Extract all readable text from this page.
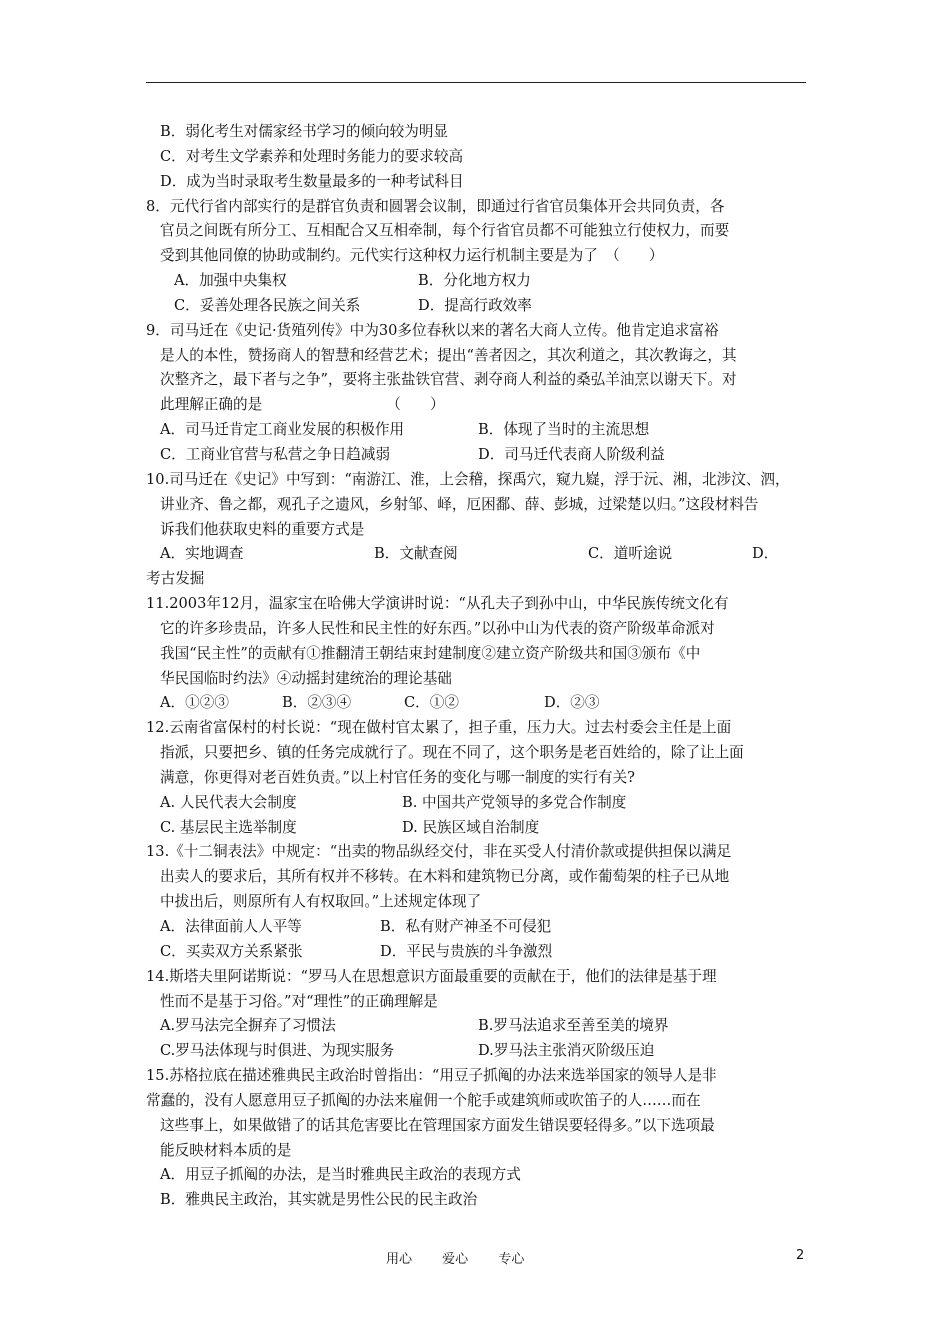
B．弱化考生对儒家经书学习的倾向较为明显
C．对考生文学素养和处理时务能力的要求较高
D．成为当时录取考生数量最多的一种考试科目
8．元代行省内部实行的是群官负责和圆署会议制，即通过行省官员集体开会共同负责，各
官员之间既有所分工、互相配合又互相牵制，每个行省官员都不可能独立行使权力，而要
受到其他同僚的协助或制约。元代实行这种权力运行机制主要是为了　（　　）
A．加强中央集权	B．分化地方权力
C．妥善处理各民族之间关系	D．提高行政效率
9．司马迁在《史记·货殖列传》中为30多位春秋以来的著名大商人立传。他肯定追求富裕
是人的本性，赞扬商人的智慧和经营艺术；提出“善者因之，其次利道之，其次教诲之，其
次整齐之，最下者与之争”，要将主张盐铁官营、剥夺商人利益的桑弘羊油烹以谢天下。对
此理解正确的是　　　　　　　　　（　　）
A．司马迁肯定工商业发展的积极作用	B．体现了当时的主流思想
C．工商业官营与私营之争日趋减弱	D．司马迁代表商人阶级利益
10.司马迁在《史记》中写到：“南游江、淮，上会稽，探禹穴，窥九嶷，浮于沅、湘，北涉汶、泗，
讲业齐、鲁之都，观孔子之遗风，乡射邹、峄，厄困鄱、薛、彭城，过梁楚以归。”这段材料告
诉我们他获取史料的重要方式是
A．实地调查	B．文献查阅	C．道听途说	D．
考古发掘
11.2003年12月，温家宝在哈佛大学演讲时说：“从孔夫子到孙中山，中华民族传统文化有
它的许多珍贵品，许多人民性和民主性的好东西。”以孙中山为代表的资产阶级革命派对
我国“民主性”的贡献有①推翻清王朝结束封建制度②建立资产阶级共和国③颁布《中
华民国临时约法》④动摇封建统治的理论基础
A．①②③	B．②③④	C．①②	D．②③
12.云南省富保村的村长说：“现在做村官太累了，担子重，压力大。过去村委会主任是上面
指派，只要把乡、镇的任务完成就行了。现在不同了，这个职务是老百姓给的，除了让上面
满意，你更得对老百姓负责。”以上村官任务的变化与哪一制度的实行有关?
A. 人民代表大会制度	B. 中国共产党领导的多党合作制度
C. 基层民主选举制度	D. 民族区域自治制度
13.《十二铜表法》中规定：“出卖的物品纵经交付，非在买受人付清价款或提供担保以满足
出卖人的要求后，其所有权并不移转。在木料和建筑物已分离，或作葡萄架的柱子已从地
中拔出后，则原所有人有权取回。”上述规定体现了
A．法律面前人人平等	B．私有财产神圣不可侵犯
C．买卖双方关系紧张	D．平民与贵族的斗争激烈
14.斯塔夫里阿诺斯说：“罗马人在思想意识方面最重要的贡献在于，他们的法律是基于理
性而不是基于习俗。”对“理性”的正确理解是
A.罗马法完全摒弃了习惯法	B.罗马法追求至善至美的境界
C.罗马法体现与时俱进、为现实服务	D.罗马法主张消灭阶级压迫
15.苏格拉底在描述雅典民主政治时曾指出：“用豆子抓阄的办法来选举国家的领导人是非
常蠢的，没有人愿意用豆子抓阄的办法来雇佣一个舵手或建筑师或吹笛子的人……而在
这些事上，如果做错了的话其危害要比在管理国家方面发生错误要轻得多。”以下选项最
能反映材料本质的是
A．用豆子抓阄的办法，是当时雅典民主政治的表现方式
B．雅典民主政治，其实就是男性公民的民主政治
用心 爱心 专心	2
